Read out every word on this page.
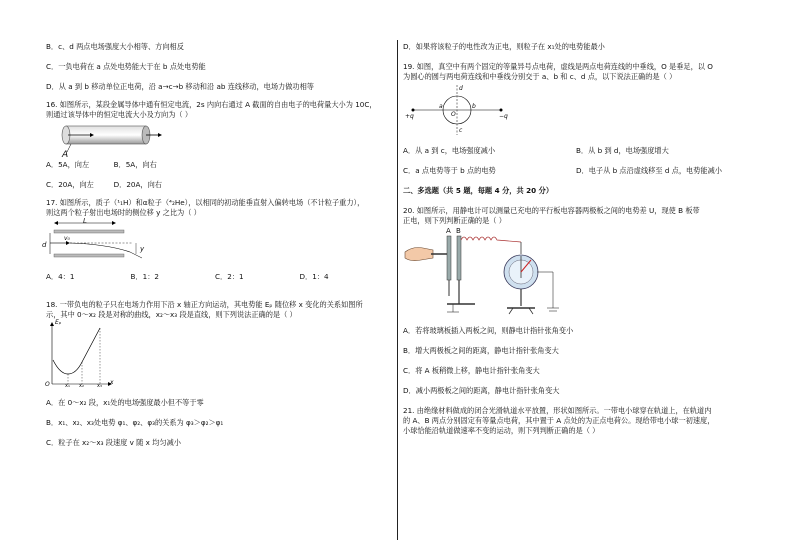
B．c、d 两点电场强度大小相等、方向相反
C．一负电荷在 a 点处电势能大于在 b 点处电势能
D．从 a 到 b 移动单位正电荷，沿 a→c→b 移动和沿 ab 连线移动，电场力做功相等
16. 如图所示，某段金属导体中通有恒定电流，2s 内向右通过 A 截面的自由电子的电荷量大小为 10C，
则通过该导体中的恒定电流大小及方向为（ ）
A
A．5A，向左	B．5A，向右
C．20A，向左	D．20A，向右
17. 如图所示，质子（¹₁H）和α粒子（⁴₂He），以相同的初动能垂直射入偏转电场（不计粒子重力），
则这两个粒子射出电场时的侧位移 y 之比为（ ）
L
v₀
d	y
A．4：1	B．1：2	C．2：1	D．1：4
18. 一带负电的粒子只在电场力作用下沿 x 轴正方向运动，其电势能 Eₚ 随位移 x 变化的关系如图所
示，其中 0～x₂ 段是对称的曲线，x₂～x₃ 段是直线，则下列说法正确的是（ ）
Eₚ
O	x
x₁ x₂	x₃
A．在 0～x₂ 段，x₁处的电场强度最小但不等于零
B．x₁、x₂、x₃处电势 φ₁、φ₂、φ₃的关系为 φ₃＞φ₂＞φ₁
C．粒子在 x₂～x₃ 段速度 v 随 x 均匀减小
D．如果将该粒子的电性改为正电，则粒子在 x₁处的电势能最小
19. 如图，真空中有两个固定的等量异号点电荷，虚线是两点电荷连线的中垂线，O 是垂足，以 O
为圆心的圆与两电荷连线和中垂线分别交于 a、b 和 c、d 点，以下说法正确的是（ ）
+q	−q
a	b
d
c
O
A．从 a 到 c，电场强度减小	B．从 b 到 d，电场强度增大
C．a 点电势等于 b 点的电势	D．电子从 b 点沿虚线移至 d 点，电势能减小
二、多选题（共 5 题，每题 4 分，共 20 分）
20. 如图所示，用静电计可以测量已充电的平行板电容器两极板之间的电势差 U，现使 B 板带
正电，则下列判断正确的是（ ）
A B
A．若将玻璃板插入两板之间，则静电计指针张角变小
B．增大两极板之间的距离，静电计指针张角变大
C．将 A 板稍微上移，静电计指针张角变大
D．减小两极板之间的距离，静电计指针张角变大
21. 由绝缘材料做成的闭合光滑轨道水平放置，形状如图所示。一带电小球穿在轨道上，在轨道内
的 A、B 两点分别固定有等量点电荷，其中置于 A 点处的为正点电荷公。现给带电小球一初速度，
小球恰能沿轨道做速率不变的运动，则下列判断正确的是（ ）
